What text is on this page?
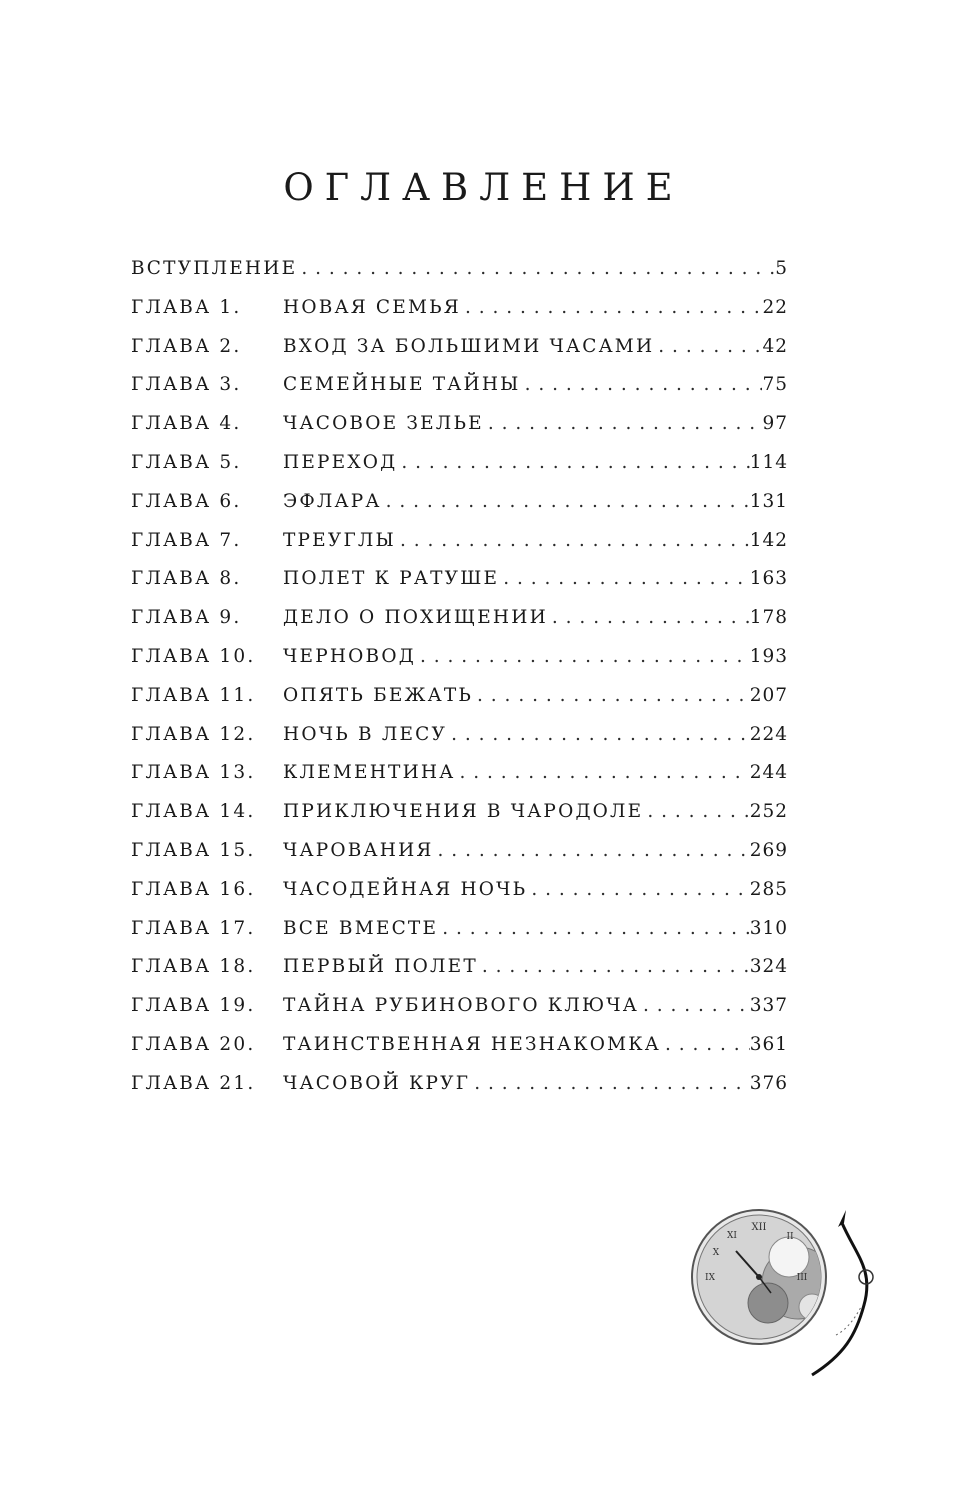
ОГЛАВЛЕНИЕ
ВСТУПЛЕНИЕ . . .	5
ГЛАВА 1.	НОВАЯ СЕМЬЯ . . .	22
ГЛАВА 2.	ВХОД ЗА БОЛЬШИМИ ЧАСАМИ . . .	42
ГЛАВА 3.	СЕМЕЙНЫЕ ТАЙНЫ . . .	75
ГЛАВА 4.	ЧАСОВОЕ ЗЕЛЬЕ . . .	97
ГЛАВА 5.	ПЕРЕХОД . . .	114
ГЛАВА 6.	ЭФЛАРА . . .	131
ГЛАВА 7.	ТРЕУГЛЫ . . .	142
ГЛАВА 8.	ПОЛЕТ К РАТУШЕ . . .	163
ГЛАВА 9.	ДЕЛО О ПОХИЩЕНИИ . . .	178
ГЛАВА 10.	ЧЕРНОВОД . . .	193
ГЛАВА 11.	ОПЯТЬ БЕЖАТЬ . . .	207
ГЛАВА 12.	НОЧЬ В ЛЕСУ . . .	224
ГЛАВА 13.	КЛЕМЕНТИНА . . .	244
ГЛАВА 14.	ПРИКЛЮЧЕНИЯ В ЧАРОДОЛЕ . . .	252
ГЛАВА 15.	ЧАРОВАНИЯ . . .	269
ГЛАВА 16.	ЧАСОДЕЙНАЯ НОЧЬ . . .	285
ГЛАВА 17.	ВСЕ ВМЕСТЕ . . .	310
ГЛАВА 18.	ПЕРВЫЙ ПОЛЕТ . . .	324
ГЛАВА 19.	ТАЙНА РУБИНОВОГО КЛЮЧА . . .	337
ГЛАВА 20.	ТАИНСТВЕННАЯ НЕЗНАКОМКА . . .	361
ГЛАВА 21.	ЧАСОВОЙ КРУГ . . .	376
XII
II
III
IX
X
XI
